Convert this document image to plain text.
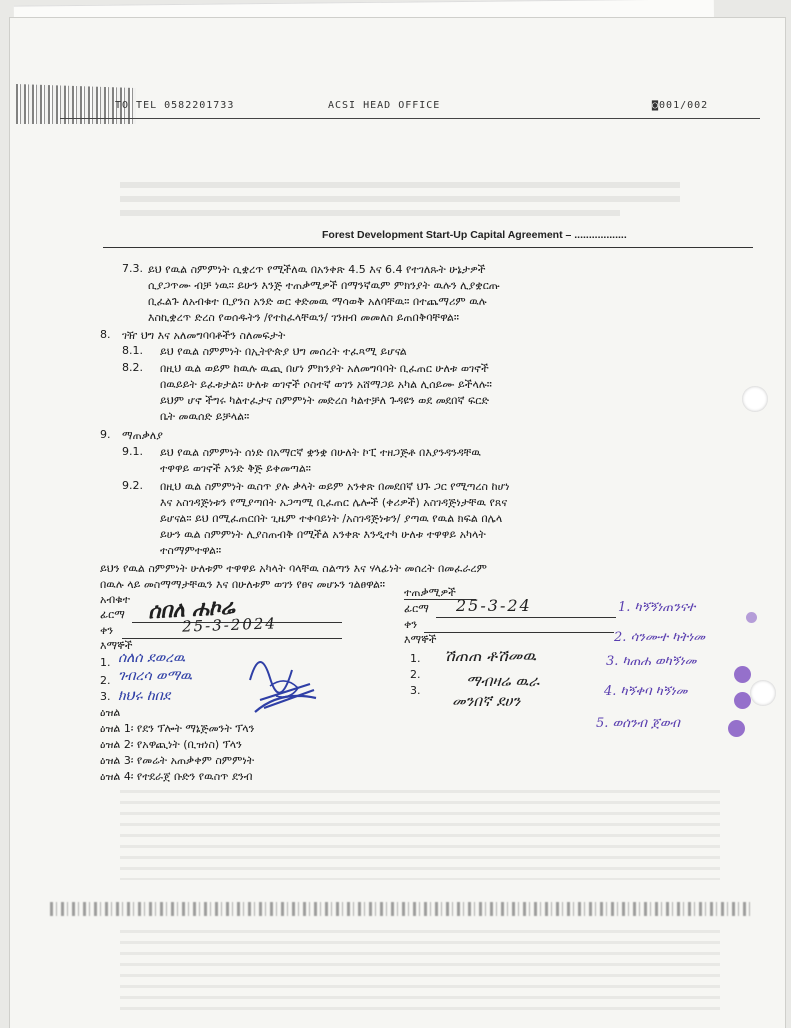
TO TEL 0582201733	ACSI HEAD OFFICE	◙001/002
Forest Development Start-Up Capital Agreement – ..................
7.3. ይህ የዉል ስምምነት ሲቋረጥ የሚችለዉ በአንቀጽ 4.5 እና 6.4 የተገለጹት ሁኔታዎች
ሲያጋጥሙ ብቻ ነዉ። ይሁን እንጅ ተጠቃሚዎች በማንኛዉም ምክንያት ዉሉን ሊያቋርጡ
ቢፈልጉ ለአብቁተ ቢያንስ አንድ ወር ቀድመዉ ማሳወቅ አለባቸዉ። በተጨማሪም ዉሉ
እስኪቋረጥ ድረስ የወሰዱትን /የተከፈላቸዉን/ ገንዘብ መመለስ ይጠበቅባቸዋል።
8. ገዥ ህግ እና አለመግባባቶችን ስለመፍታት
8.1. ይህ የዉል ስምምነት በኢትዮጵያ ህግ መሰረት ተፈጻሚ ይሆናል
8.2. በዚህ ዉል ወይም ከዉሉ ዉጪ በሆነ ምክንያት አለመግባባት ቢፈጠር ሁለቱ ወገኖች
በዉይይት ይፈቱታል። ሁለቱ ወገኖች ሶስተኛ ወገን አሸማጋይ አካል ሊሰይሙ ይችላሉ።
ይህም ሆኖ ችግሩ ካልተፈታና ስምምነት መድረስ ካልተቻለ ጉዳዩን ወደ መደበኛ ፍርድ
ቤት መዉሰድ ይቻላል።
9. ማጠቃለያ
9.1. ይህ የዉል ስምምነት ሰነድ በአማርኛ ቋንቋ በሁለት ኮፒ ተዘጋጅቶ በእያንዳንዳቸዉ
ተዋዋይ ወገኖች አንድ ቅጅ ይቀመጣል።
9.2. በዚህ ዉል ስምምነት ዉስጥ ያሉ ቃላት ወይም አንቀጽ በመደበኛ ህጉ ጋር የሚጣረስ ከሆነ
እና አስገዳጅነቱን የሚያጣበት አጋጣሚ ቢፈጠር ሌሎች (ቀሪዎች) አስገዳጅነታቸዉ የጸና
ይሆናል። ይህ በሚፈጠርበት ጊዜም ተቀባይነት /አስገዳጅነቱን/ ያጣዉ የዉል ክፍል በሌላ
ይሁን ዉል ስምምነት ሊያስጠብቅ በሚችል አንቀጽ እንዲተካ ሁለቱ ተዋዋይ አካላት
ተስማምተዋል።
ይህን የዉል ስምምነት ሁለቱም ተዋዋይ አካላት ባላቸዉ ስልጣን እና ሃላፊነት መሰረት በመፈራረም
በዉሉ ላይ መስማማታቸዉን እና በሁለቱም ወገን የፀና መሆኑን ገልፀዋል።
አብቁተ
ፊርማ
ቀን
እማኞች
1.
2.
3.
ሰበለ ሐኮሬ
25-3-2024
ሰለሰ ደወረዉ
ገብረሳ ወማዉ
ክህሩ ከበደ
ተጠቃሚዎች
ፊርማ
ቀን
እማኞች
1.
2.
3.
25-3-24
ሽጠጠ ቶሽመዉ
ማብዛሬ ዉራ
መንበኛ ደሀን
1. ካኝኝነጠንናተ
2. ሳንሙተ ካትነመ
3. ካጠሐ ወካኝነመ
4. ካኝቀባ ካኝነመ
5. ወሰንብ ጀወብ
ዕዝል
ዕዝል 1፡ የደን ፕሎት ማኔጅመንት ፕላን
ዕዝል 2፡ የአዋጪነት (ቢዝነስ) ፕላን
ዕዝል 3፡ የመሬት አጠቃቀም ስምምነት
ዕዝል 4፡ የተደራጀ ቡድን የዉስጥ ደንብ
